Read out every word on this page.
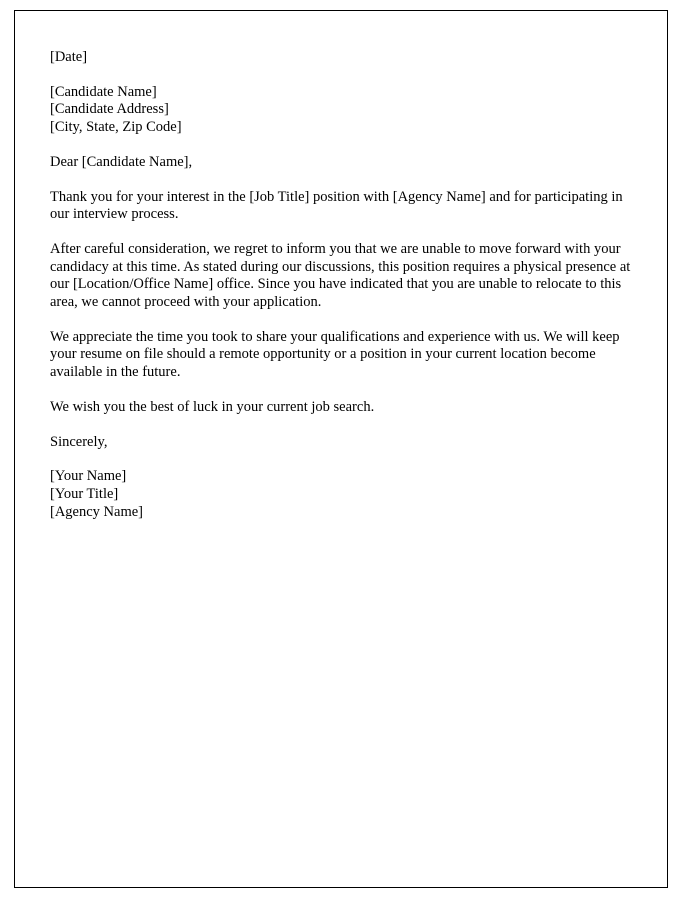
[Date]
[Candidate Name]
[Candidate Address]
[City, State, Zip Code]
Dear [Candidate Name],

Thank you for your interest in the [Job Title] position with [Agency Name] and for participating in our interview process.

After careful consideration, we regret to inform you that we are unable to move forward with your candidacy at this time. As stated during our discussions, this position requires a physical presence at our [Location/Office Name] office. Since you have indicated that you are unable to relocate to this area, we cannot proceed with your application.

We appreciate the time you took to share your qualifications and experience with us. We will keep your resume on file should a remote opportunity or a position in your current location become available in the future.

We wish you the best of luck in your current job search.

Sincerely,
[Your Name]
[Your Title]
[Agency Name]
